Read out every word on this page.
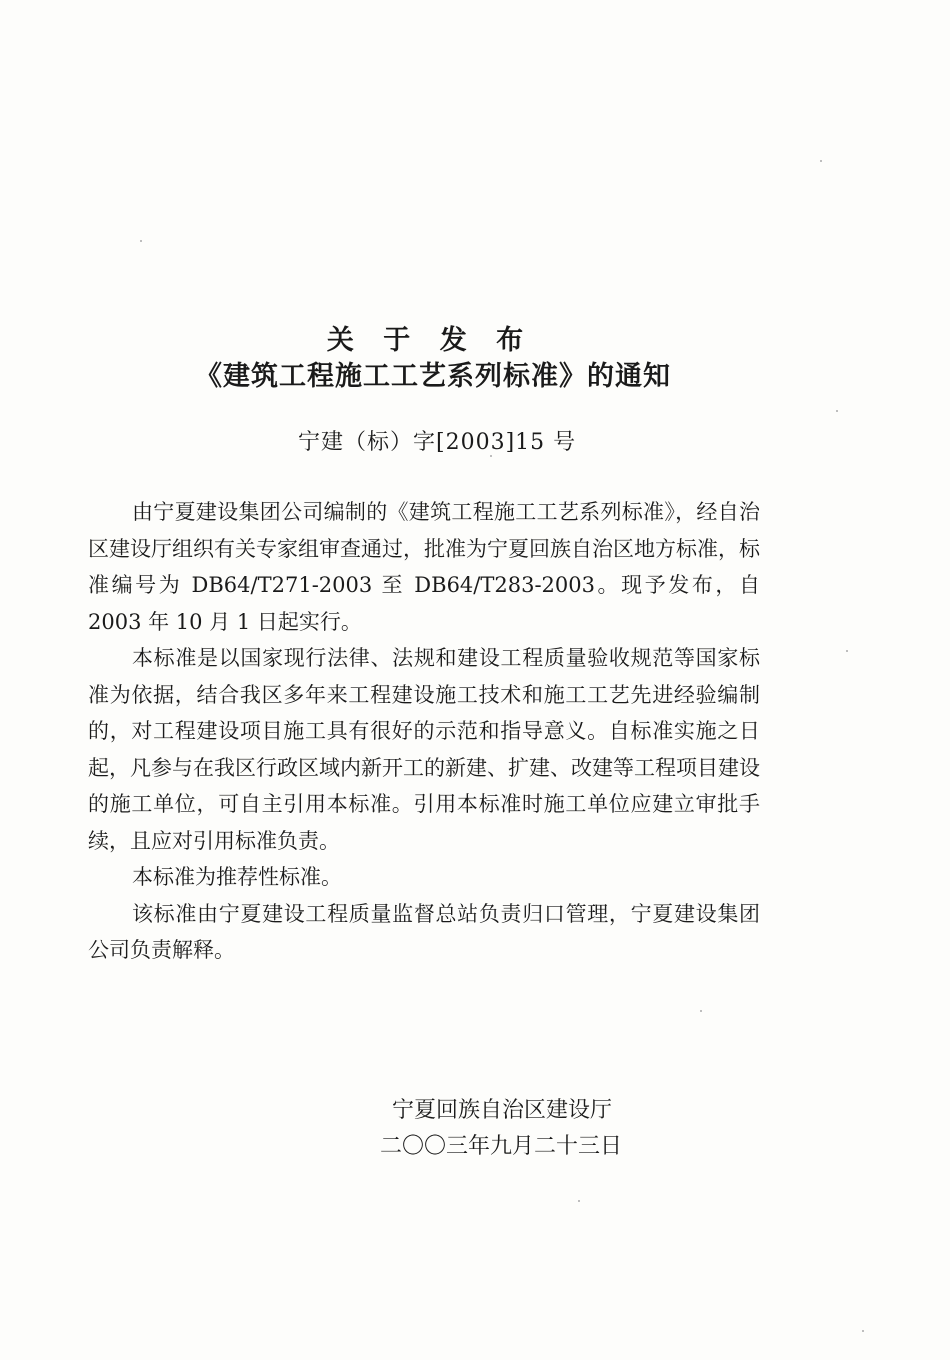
关 于 发 布
《建筑工程施工工艺系列标准》的通知
宁建（标）字[2003]15 号

由宁夏建设集团公司编制的《建筑工程施工工艺系列标准》，经自治区建设厅组织有关专家组审查通过，批准为宁夏回族自治区地方标准，标准编号为 DB64/T271-2003 至 DB64/T283-2003。现予发布，自 2003 年 10 月 1 日起实行。

本标准是以国家现行法律、法规和建设工程质量验收规范等国家标准为依据，结合我区多年来工程建设施工技术和施工工艺先进经验编制的，对工程建设项目施工具有很好的示范和指导意义。自标准实施之日起，凡参与在我区行政区域内新开工的新建、扩建、改建等工程项目建设的施工单位，可自主引用本标准。引用本标准时施工单位应建立审批手续，且应对引用标准负责。

本标准为推荐性标准。

该标准由宁夏建设工程质量监督总站负责归口管理，宁夏建设集团公司负责解释。

宁夏回族自治区建设厅
二〇〇三年九月二十三日
